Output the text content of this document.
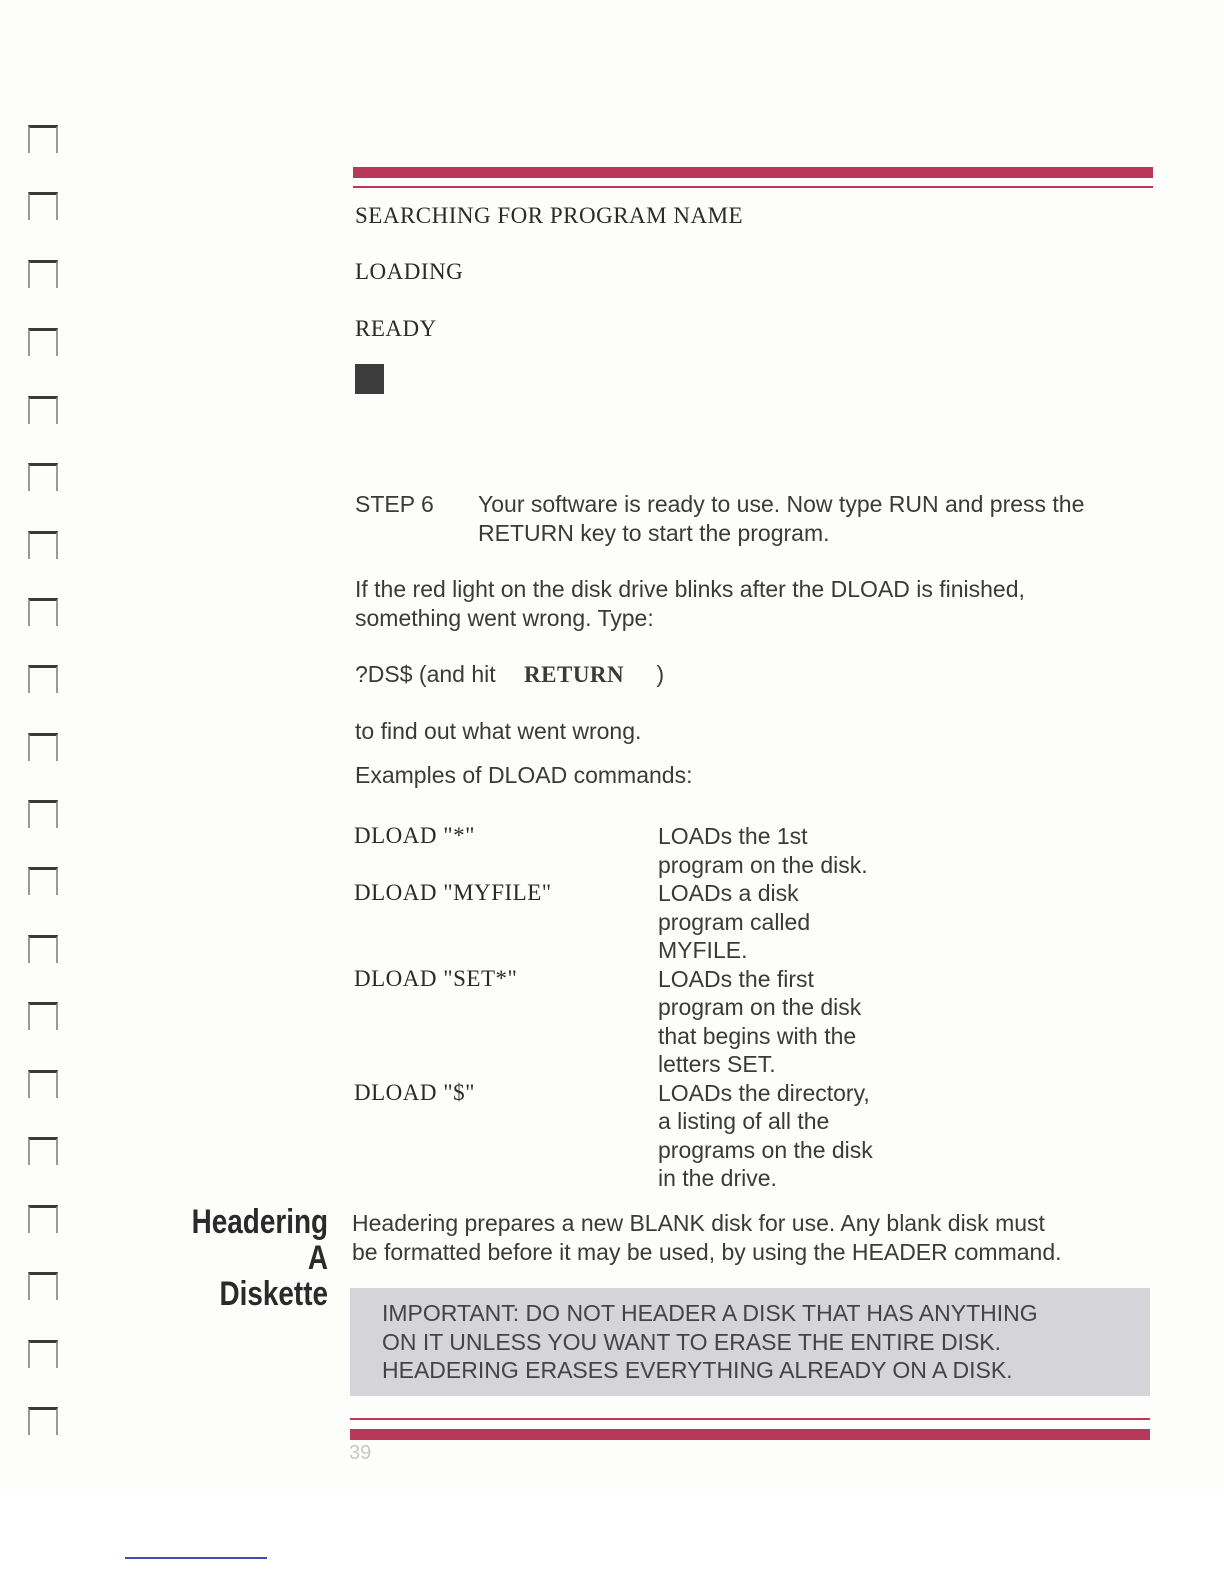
SEARCHING FOR PROGRAM NAME
LOADING
READY
STEP 6 Your software is ready to use. Now type RUN and press the
RETURN key to start the program.
If the red light on the disk drive blinks after the DLOAD is finished,
something went wrong. Type:
?DS$ (and hit RETURN )
to find out what went wrong.
Examples of DLOAD commands:
DLOAD "*"	LOADs the 1st
program on the disk.
DLOAD "MYFILE"	LOADs a disk
program called
MYFILE.
DLOAD "SET*"	LOADs the first
program on the disk
that begins with the
letters SET.
DLOAD "$"	LOADs the directory,
a listing of all the
programs on the disk
in the drive.
Headering
A
Diskette
Headering prepares a new BLANK disk for use. Any blank disk must
be formatted before it may be used, by using the HEADER command.
IMPORTANT: DO NOT HEADER A DISK THAT HAS ANYTHING
ON IT UNLESS YOU WANT TO ERASE THE ENTIRE DISK.
HEADERING ERASES EVERYTHING ALREADY ON A DISK.
39
